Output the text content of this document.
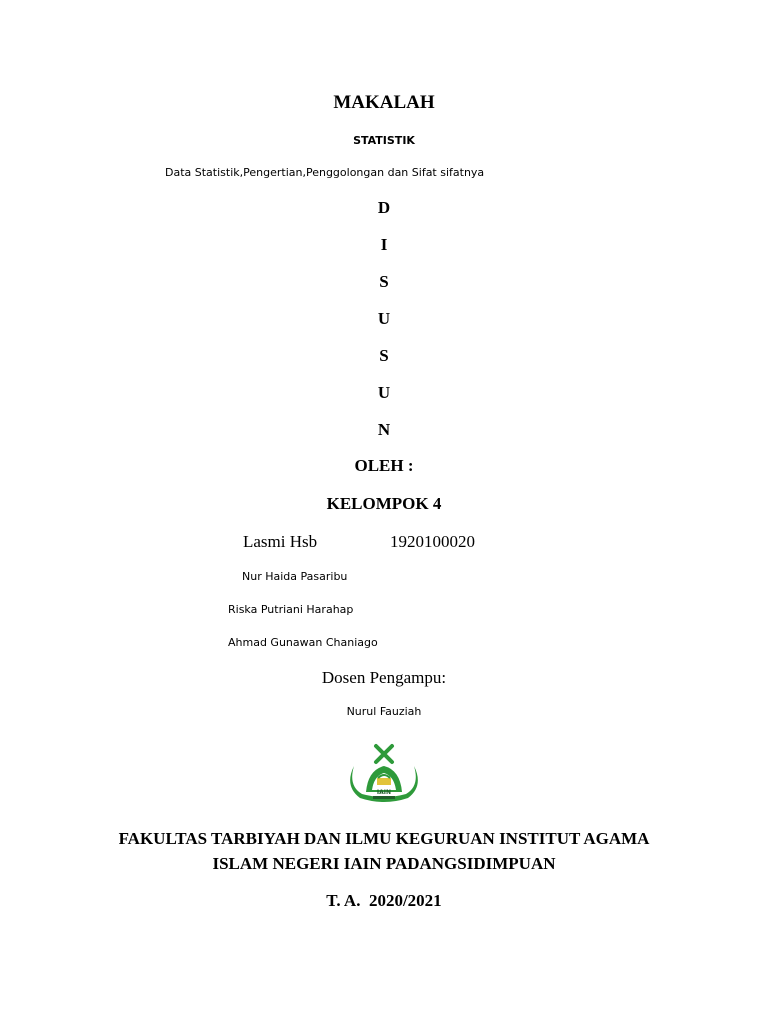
MAKALAH
STATISTIK
Data Statistik,Pengertian,Penggolongan dan Sifat sifatnya
D
I
S
U
S
U
N
OLEH :
KELOMPOK 4
Lasmi Hsb	1920100020
Nur Haida Pasaribu
Riska Putriani Harahap
Ahmad Gunawan Chaniago
Dosen Pengampu:
Nurul Fauziah
IAIN
FAKULTAS TARBIYAH DAN ILMU KEGURUAN INSTITUT AGAMA
ISLAM NEGERI IAIN PADANGSIDIMPUAN
T. A.  2020/2021
